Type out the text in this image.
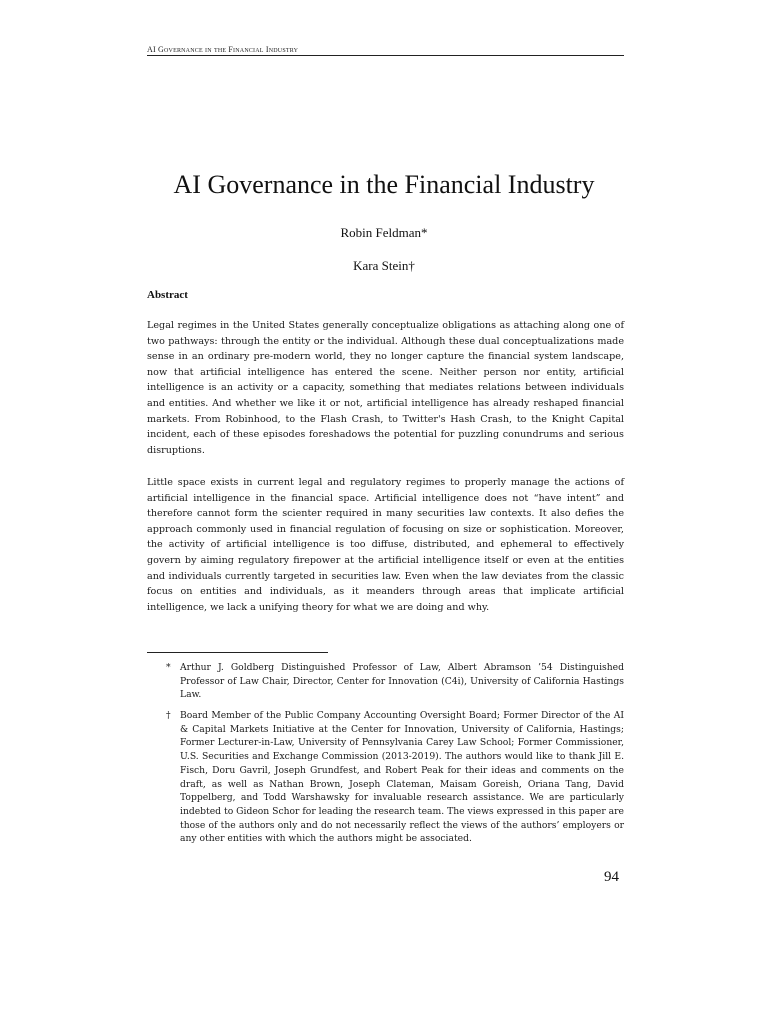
AI Governance in the Financial Industry
AI Governance in the Financial Industry
Robin Feldman*
Kara Stein†
Abstract

Legal regimes in the United States generally conceptualize obligations as attaching along one of two pathways: through the entity or the individual. Although these dual conceptualizations made sense in an ordinary pre-modern world, they no longer capture the financial system landscape, now that artificial intelligence has entered the scene. Neither person nor entity, artificial intelligence is an activity or a capacity, something that mediates relations between individuals and entities. And whether we like it or not, artificial intelligence has already reshaped financial markets. From Robinhood, to the Flash Crash, to Twitter's Hash Crash, to the Knight Capital incident, each of these episodes foreshadows the potential for puzzling conundrums and serious disruptions.

Little space exists in current legal and regulatory regimes to properly manage the actions of artificial intelligence in the financial space. Artificial intelligence does not “have intent” and therefore cannot form the scienter required in many securities law contexts. It also defies the approach commonly used in financial regulation of focusing on size or sophistication. Moreover, the activity of artificial intelligence is too diffuse, distributed, and ephemeral to effectively govern by aiming regulatory firepower at the artificial intelligence itself or even at the entities and individuals currently targeted in securities law. Even when the law deviates from the classic focus on entities and individuals, as it meanders through areas that implicate artificial intelligence, we lack a unifying theory for what we are doing and why.

* Arthur J. Goldberg Distinguished Professor of Law, Albert Abramson ’54 Distinguished Professor of Law Chair, Director, Center for Innovation (C4i), University of California Hastings Law.

† Board Member of the Public Company Accounting Oversight Board; Former Director of the AI & Capital Markets Initiative at the Center for Innovation, University of California, Hastings; Former Lecturer-in-Law, University of Pennsylvania Carey Law School; Former Commissioner, U.S. Securities and Exchange Commission (2013-2019). The authors would like to thank Jill E. Fisch, Doru Gavril, Joseph Grundfest, and Robert Peak for their ideas and comments on the draft, as well as Nathan Brown, Joseph Clateman, Maisam Goreish, Oriana Tang, David Toppelberg, and Todd Warshawsky for invaluable research assistance. We are particularly indebted to Gideon Schor for leading the research team. The views expressed in this paper are those of the authors only and do not necessarily reflect the views of the authors’ employers or any other entities with which the authors might be associated.

94
